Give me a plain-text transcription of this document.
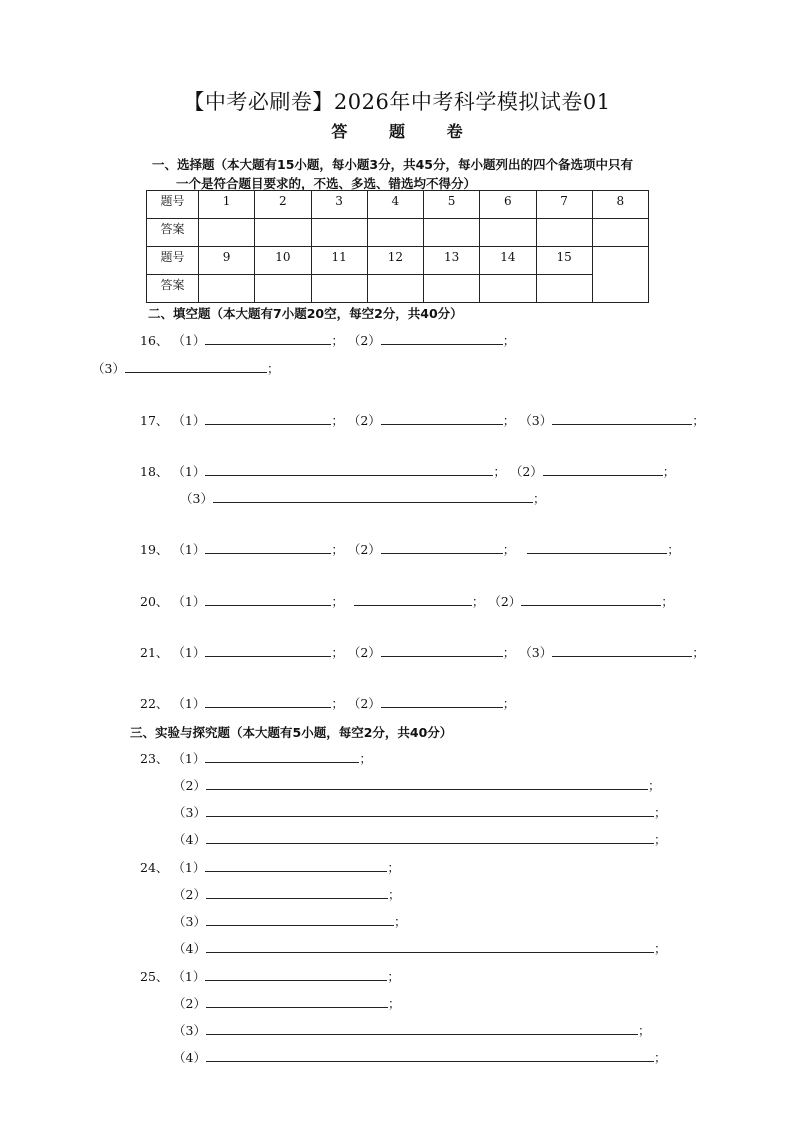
【中考必刷卷】2026年中考科学模拟试卷01
答	题	卷
一、选择题（本大题有15小题，每小题3分，共45分，每小题列出的四个备选项中只有
一个是符合题目要求的，不选、多选、错选均不得分）
题号	1	2	3	4	5	6	7	8
答案								
题号	9	10	11	12	13	14	15	
答案								
二、填空题（本大题有7小题20空，每空2分，共40分）
16、 （1）	； （2）	；
（3）	；
17、 （1）	； （2）	； （3）	；
18、 （1）	； （2）	；
（3）	；
19、 （1）	； （2）	；	；
20、 （1）	；	； （2）	；
21、 （1）	； （2）	； （3）	；
22、 （1）	； （2）	；
三、实验与探究题（本大题有5小题，每空2分，共40分）
23、 （1）	；
（2）	；
（3）	；
（4）	；
24、 （1）	；
（2）	；
（3）	；
（4）	；
25、 （1）	；
（2）	；
（3）	；
（4）	；
